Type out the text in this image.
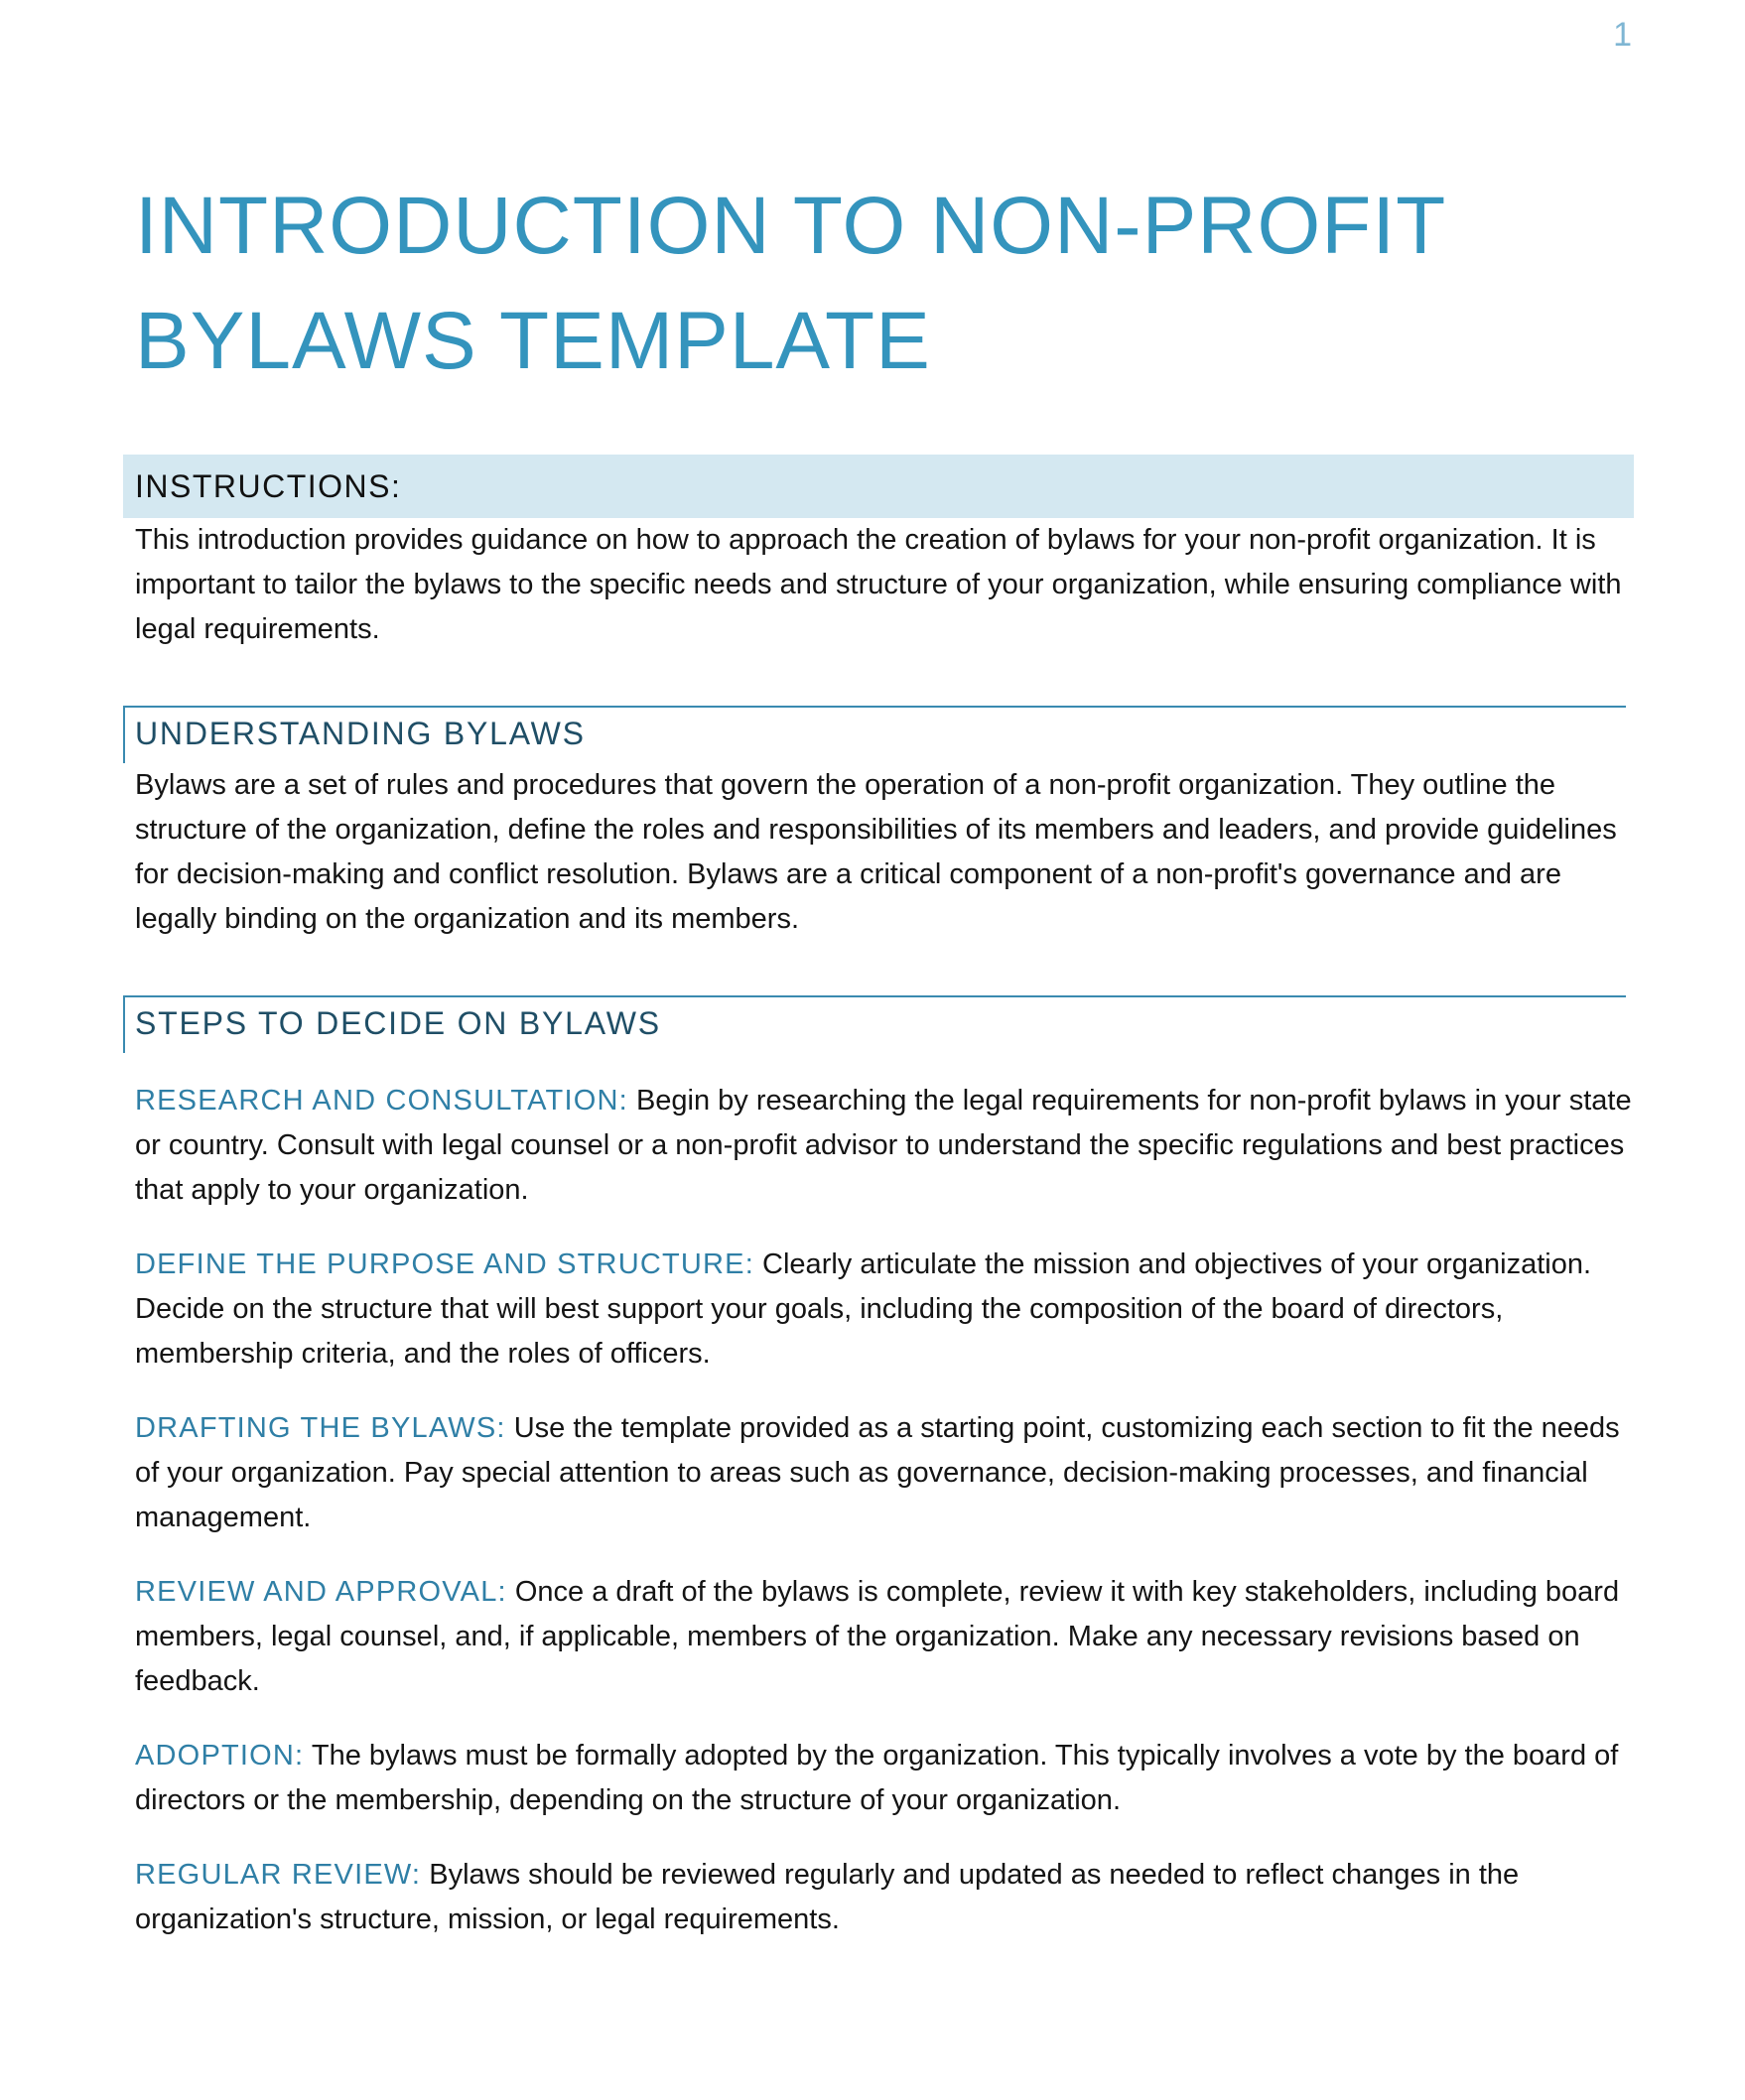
1
INTRODUCTION TO NON-PROFIT
BYLAWS TEMPLATE
INSTRUCTIONS:

This introduction provides guidance on how to approach the creation of bylaws for your non-profit organization. It is important to tailor the bylaws to the specific needs and structure of your organization, while ensuring compliance with legal requirements.

UNDERSTANDING BYLAWS

Bylaws are a set of rules and procedures that govern the operation of a non-profit organization. They outline the structure of the organization, define the roles and responsibilities of its members and leaders, and provide guidelines for decision-making and conflict resolution. Bylaws are a critical component of a non-profit's governance and are legally binding on the organization and its members.

STEPS TO DECIDE ON BYLAWS

RESEARCH AND CONSULTATION: Begin by researching the legal requirements for non-profit bylaws in your state or country. Consult with legal counsel or a non-profit advisor to understand the specific regulations and best practices that apply to your organization.

DEFINE THE PURPOSE AND STRUCTURE: Clearly articulate the mission and objectives of your organization. Decide on the structure that will best support your goals, including the composition of the board of directors, membership criteria, and the roles of officers.

DRAFTING THE BYLAWS: Use the template provided as a starting point, customizing each section to fit the needs of your organization. Pay special attention to areas such as governance, decision-making processes, and financial management.

REVIEW AND APPROVAL: Once a draft of the bylaws is complete, review it with key stakeholders, including board members, legal counsel, and, if applicable, members of the organization. Make any necessary revisions based on feedback.

ADOPTION: The bylaws must be formally adopted by the organization. This typically involves a vote by the board of directors or the membership, depending on the structure of your organization.

REGULAR REVIEW: Bylaws should be reviewed regularly and updated as needed to reflect changes in the organization's structure, mission, or legal requirements.
